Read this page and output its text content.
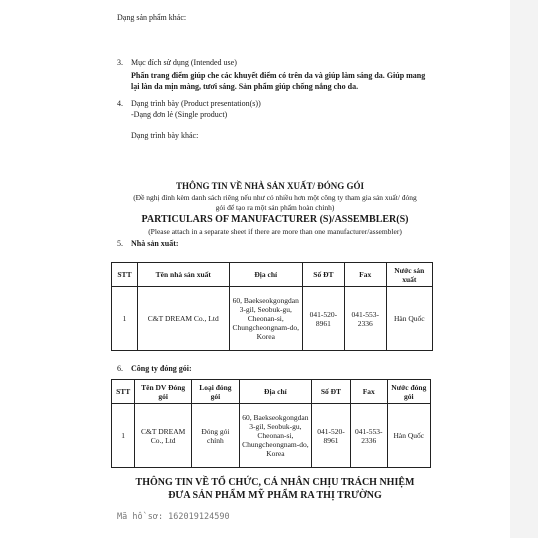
Dạng sản phẩm khác:
3. Mục đích sử dụng (Intended use)
Phấn trang điểm giúp che các khuyết điểm có trên da và giúp làm sáng da. Giúp mang
lại làn da mịn màng, tươi sáng. Sản phẩm giúp chống nắng cho da.
4. Dạng trình bày (Product presentation(s))
-Dạng đơn lẻ (Single product)
Dạng trình bày khác:
THÔNG TIN VỀ NHÀ SẢN XUẤT/ ĐÓNG GÓI
(Đề nghị đính kèm danh sách riêng nếu như có nhiều hơn một công ty tham gia sản xuất/ đóng
gói để tạo ra một sản phẩm hoàn chỉnh)
PARTICULARS OF MANUFACTURER (S)/ASSEMBLER(S)
(Please attach in a separate sheet if there are more than one manufacturer/assembler)
5. Nhà sản xuất:
STT	Tên nhà sản xuất	Địa chỉ	Số ĐT	Fax	Nước sản xuất
1	C&T DREAM Co., Ltd	60, Baekseokgongdan 3-gil, Seobuk-gu, Cheonan-si, Chungcheongnam-do, Korea	041-520-8961	041-553-2336	Hàn Quốc
6. Công ty đóng gói:
STT	Tên DV Đóng gói	Loại đóng gói	Địa chỉ	Số ĐT	Fax	Nước đóng gói
1	C&T DREAM Co., Ltd	Đóng gói chính	60, Baekseokgongdan 3-gil, Seobuk-gu, Cheonan-si, Chungcheongnam-do, Korea	041-520-8961	041-553-2336	Hàn Quốc
THÔNG TIN VỀ TỔ CHỨC, CÁ NHÂN CHỊU TRÁCH NHIỆM
ĐƯA SẢN PHẨM MỸ PHẨM RA THỊ TRƯỜNG
Mã hồ sơ: 162019124590
